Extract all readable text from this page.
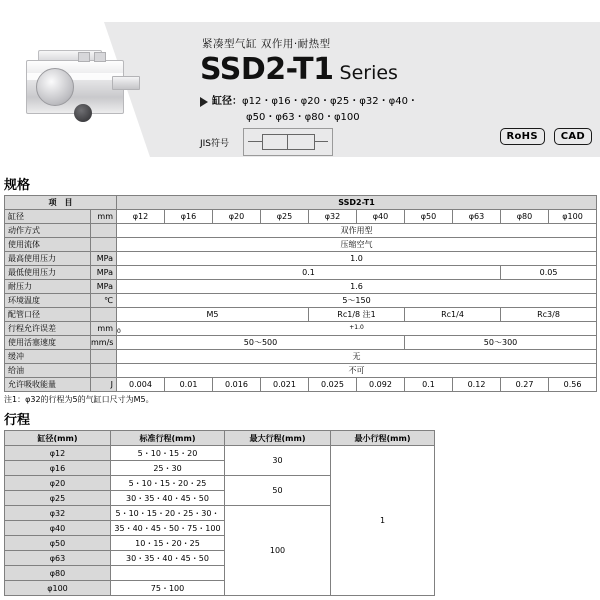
紧凑型气缸 双作用·耐热型
SSD2-T1 Series
缸径：φ12・φ16・φ20・φ25・φ32・φ40・
φ50・φ63・φ80・φ100
JIS符号
RoHS CAD
规格
项　目		SSD2-T1									
缸径	mm	φ12	φ16	φ20	φ25	φ32	φ40	φ50	φ63	φ80	φ100
动作方式		双作用型									
使用流体		压缩空气									
最高使用压力	MPa	1.0									
最低使用压力	MPa	0.1								0.05	
耐压力	MPa	1.6									
环境温度	℃	5～150									
配管口径		M5				Rc1/8 注1		Rc1/4		Rc3/8	
行程允许误差	mm	+1.0
0									

使用活塞速度	mm/s	50～500						50～300			
缓冲		无									
给油		不可									
允许吸收能量	J	0.004	0.01	0.016	0.021	0.025	0.092	0.1	0.12	0.27	0.56
注1：φ32的行程为5的气缸口尺寸为M5。
行程
缸径(mm)	标准行程(mm)	最大行程(mm)	最小行程(mm)
φ12	5・10・15・20	30	1
φ16	25・30		
φ20	5・10・15・20・25	50	
φ25	30・35・40・45・50		
φ32	5・10・15・20・25・30・	100	
φ40	35・40・45・50・75・100		
φ50	10・15・20・25		
φ63	30・35・40・45・50		
φ80			
φ100	75・100		
